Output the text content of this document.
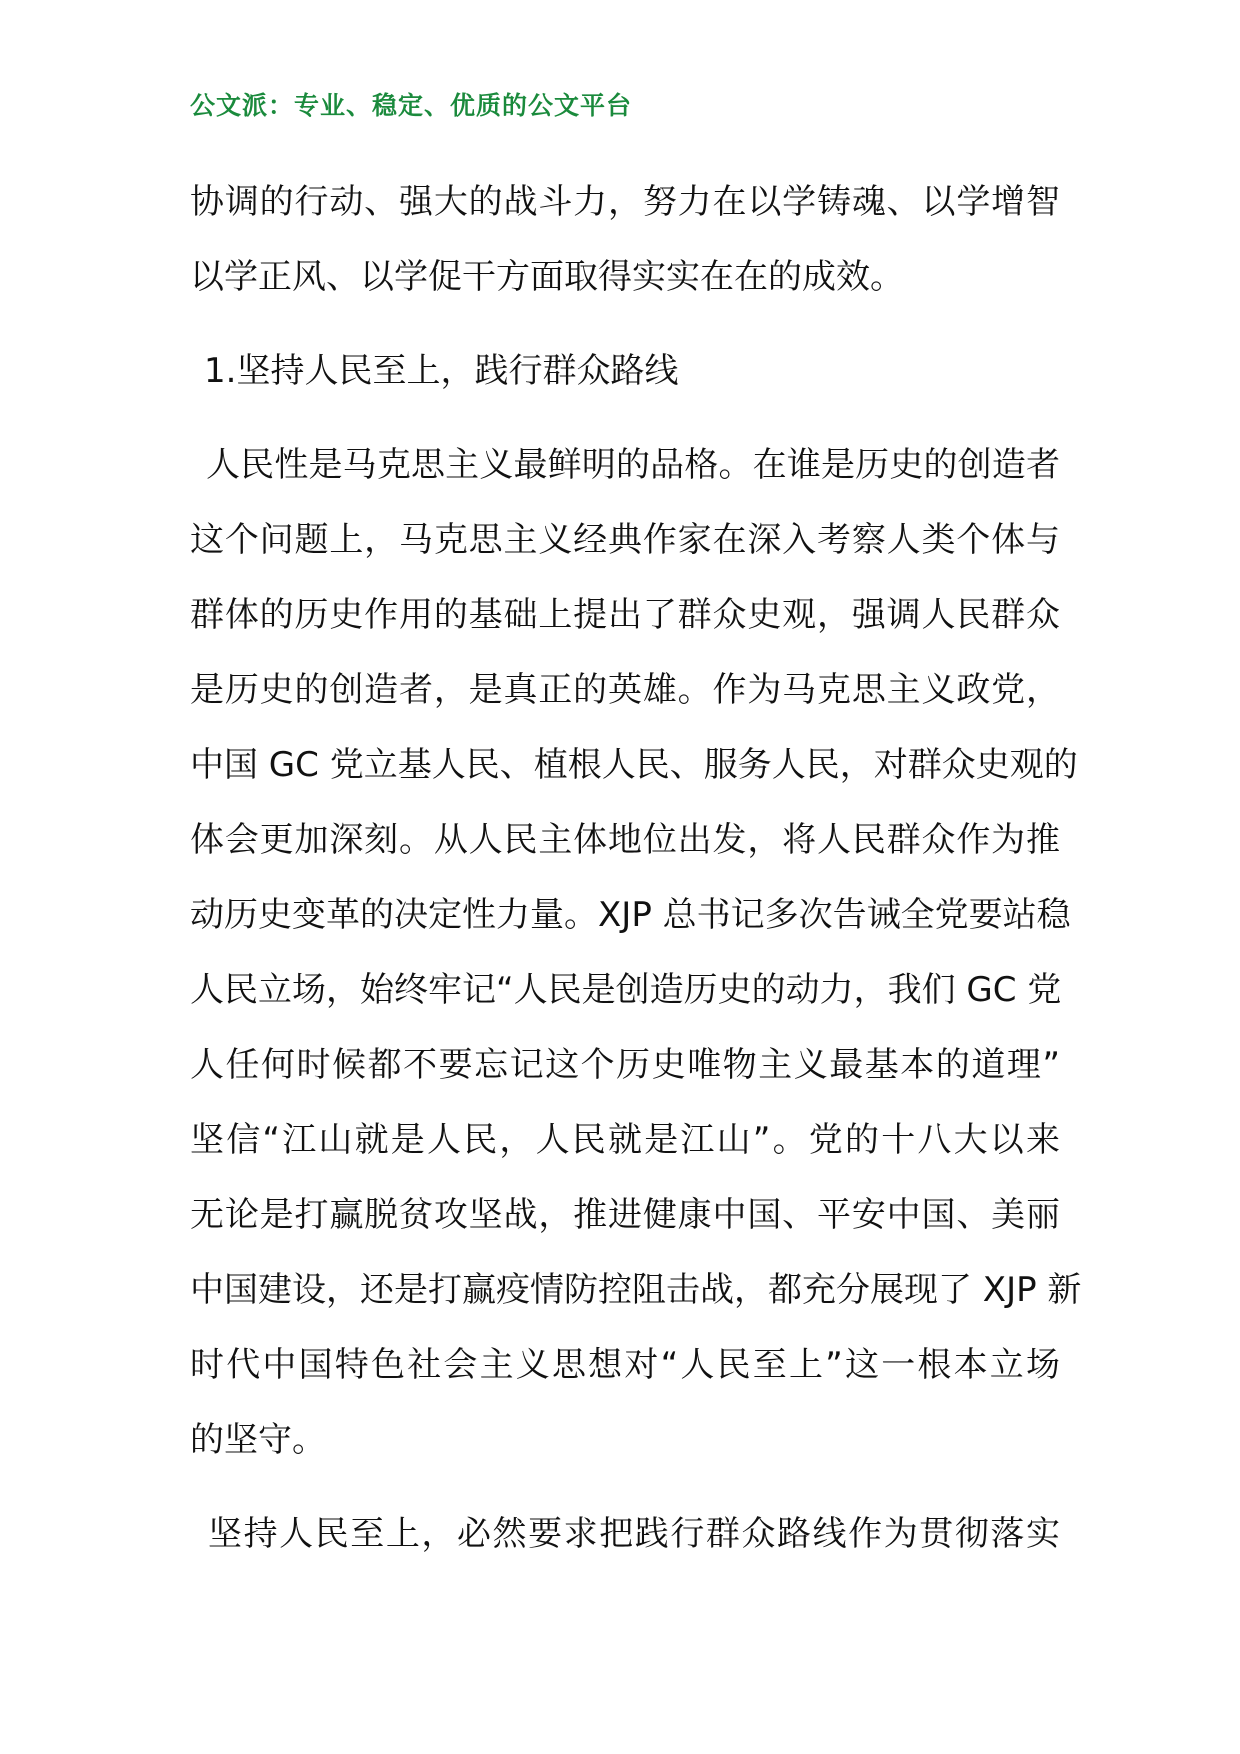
公文派：专业、稳定、优质的公文平台
协调的行动、强大的战斗力，努力在以学铸魂、以学增智
以学正风、以学促干方面取得实实在在的成效。
1.坚持人民至上，践行群众路线
人民性是马克思主义最鲜明的品格。在谁是历史的创造者
这个问题上，马克思主义经典作家在深入考察人类个体与
群体的历史作用的基础上提出了群众史观，强调人民群众
是历史的创造者，是真正的英雄。作为马克思主义政党，
中国 GC 党立基人民、植根人民、服务人民，对群众史观的
体会更加深刻。从人民主体地位出发，将人民群众作为推
动历史变革的决定性力量。XJP 总书记多次告诫全党要站稳
人民立场，始终牢记“人民是创造历史的动力，我们 GC 党
人任何时候都不要忘记这个历史唯物主义最基本的道理”
坚信“江山就是人民，人民就是江山”。党的十八大以来
无论是打赢脱贫攻坚战，推进健康中国、平安中国、美丽
中国建设，还是打赢疫情防控阻击战，都充分展现了 XJP 新
时代中国特色社会主义思想对“人民至上”这一根本立场
的坚守。
坚持人民至上，必然要求把践行群众路线作为贯彻落实
